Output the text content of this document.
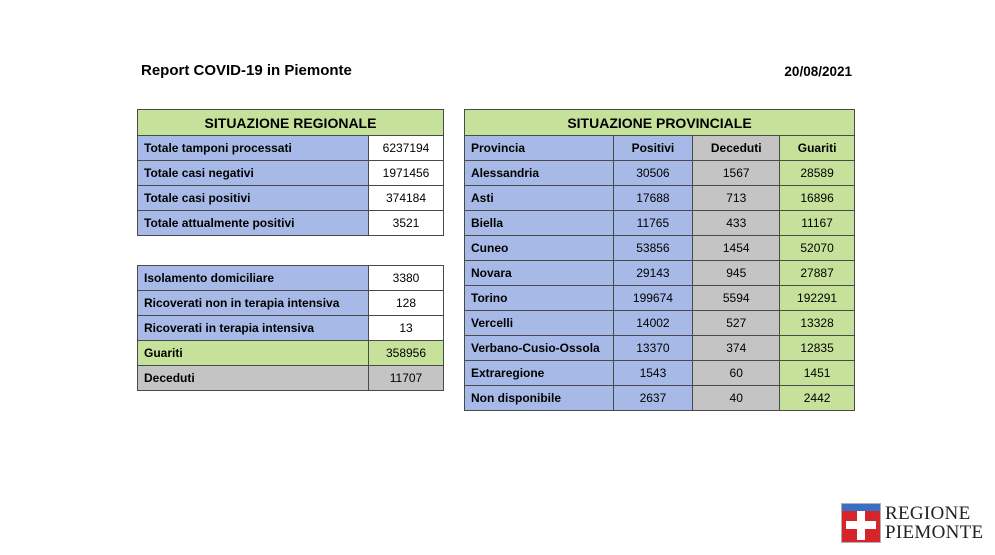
Report COVID-19 in Piemonte	20/08/2021
SITUAZIONE REGIONALE	
Totale tamponi processati	6237194
Totale casi negativi	1971456
Totale casi positivi	374184
Totale attualmente positivi	3521
Isolamento domiciliare	3380
Ricoverati non in terapia intensiva	128
Ricoverati in terapia intensiva	13
Guariti	358956
Deceduti	11707
SITUAZIONE PROVINCIALE			
Provincia	Positivi	Deceduti	Guariti
Alessandria	30506	1567	28589
Asti	17688	713	16896
Biella	11765	433	11167
Cuneo	53856	1454	52070
Novara	29143	945	27887
Torino	199674	5594	192291
Vercelli	14002	527	13328
Verbano-Cusio-Ossola	13370	374	12835
Extraregione	1543	60	1451
Non disponibile	2637	40	2442
REGIONE
PIEMONTE
